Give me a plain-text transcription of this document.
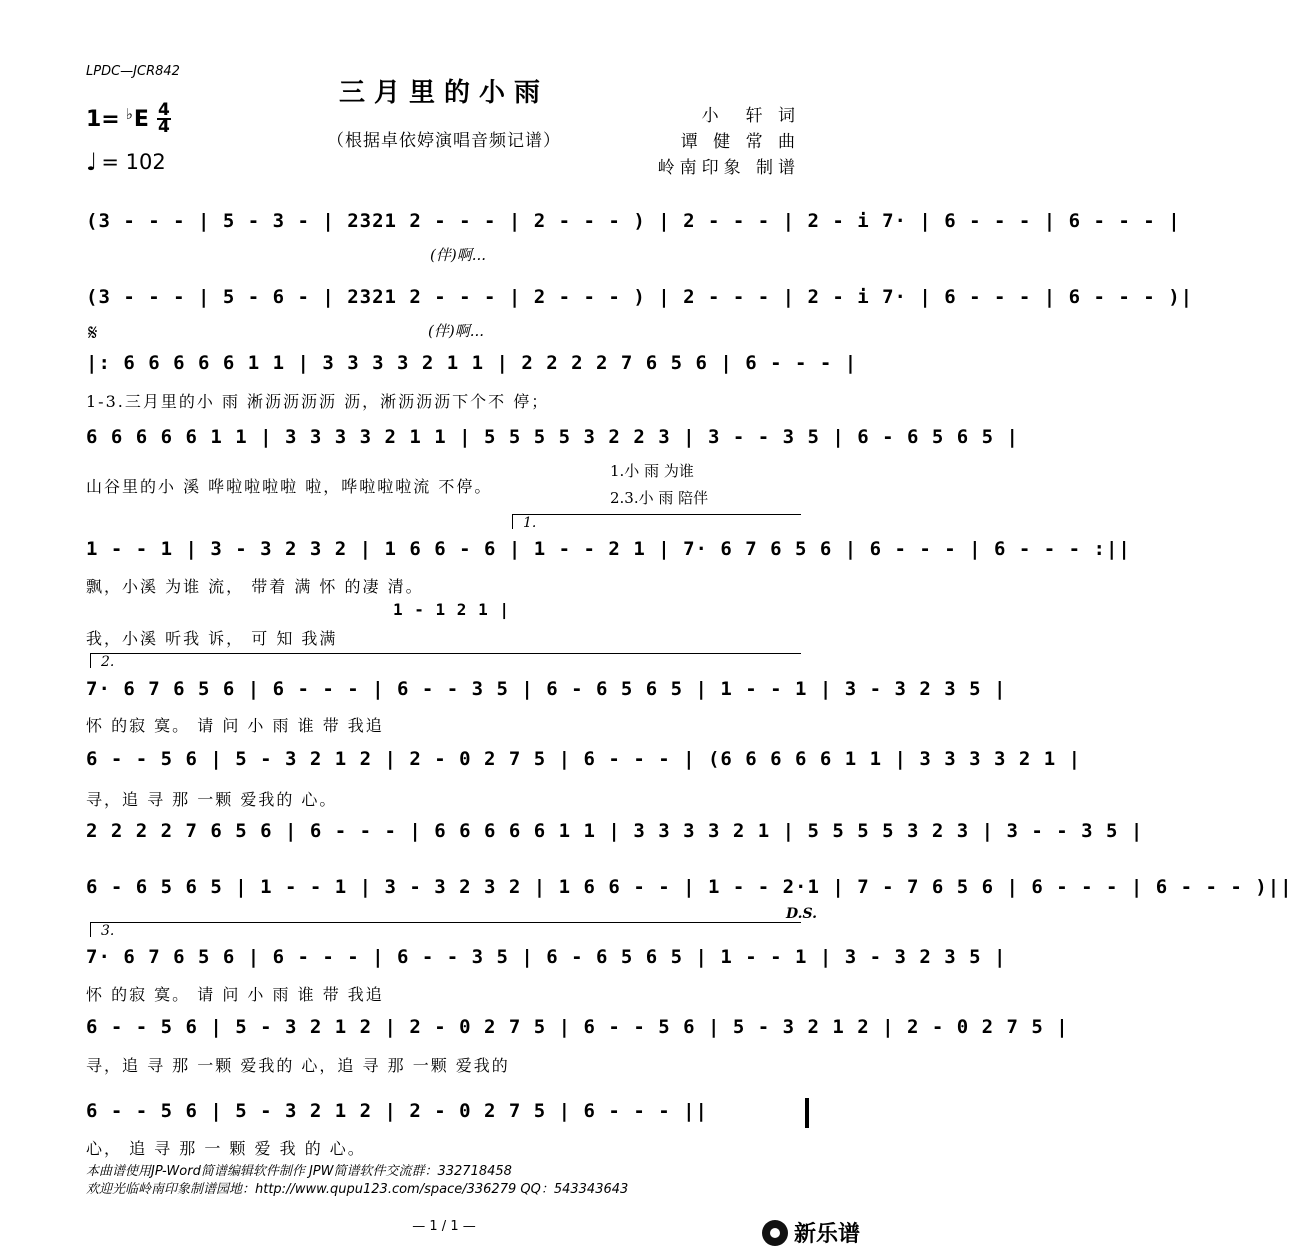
LPDC—JCR842
三月里的小雨
（根据卓依婷演唱音频记谱）
小　轩 词
谭 健 常 曲
岭南印象 制谱
1= ♭ E 4
4
♩ = 102
(3 - - - | 5 - 3 - | 2321 2 - - - | 2 - - - ) | 2 - - - | 2 - i 7· | 6 - - - | 6 - - - |
(伴)啊...
(3 - - - | 5 - 6 - | 2321 2 - - - | 2 - - - ) | 2 - - - | 2 - i 7· | 6 - - - | 6 - - - )|
(伴)啊...
𝄋
|: 6 6 6 6 6 1 1 | 3 3 3 3 2 1 1 | 2 2 2 2 7 6 5 6 | 6 - - - |
1-3.三月里的小 雨 淅沥沥沥沥 沥，淅沥沥沥下个不 停；
6 6 6 6 6 1 1 | 3 3 3 3 2 1 1 | 5 5 5 5 3 2 2 3 | 3 - - 3 5 | 6 - 6 5 6 5 |
山谷里的小 溪 哗啦啦啦啦 啦，哗啦啦啦流 不停。
1.小 雨 为谁
2.3.小 雨 陪伴
1.
1 - - 1 | 3 - 3 2 3 2 | 1 6 6 - 6 | 1 - - 2 1 | 7· 6 7 6 5 6 | 6 - - - | 6 - - - :||
飘，小溪 为谁 流， 带着 满 怀 的凄 清。
1 - 1 2 1 |
我，小溪 听我 诉， 可 知 我满
2.
7· 6 7 6 5 6 | 6 - - - | 6 - - 3 5 | 6 - 6 5 6 5 | 1 - - 1 | 3 - 3 2 3 5 |
怀 的寂 寞。 请 问 小 雨 谁 带 我追
6 - - 5 6 | 5 - 3 2 1 2 | 2 - 0 2 7 5 | 6 - - - | (6 6 6 6 6 1 1 | 3 3 3 3 2 1 |
寻，追 寻 那 一颗 爱我的 心。
2 2 2 2 7 6 5 6 | 6 - - - | 6 6 6 6 6 1 1 | 3 3 3 3 2 1 | 5 5 5 5 3 2 3 | 3 - - 3 5 |
6 - 6 5 6 5 | 1 - - 1 | 3 - 3 2 3 2 | 1 6 6 - - | 1 - - 2·1 | 7 - 7 6 5 6 | 6 - - - | 6 - - - )||
D.S.
3.
7· 6 7 6 5 6 | 6 - - - | 6 - - 3 5 | 6 - 6 5 6 5 | 1 - - 1 | 3 - 3 2 3 5 |
怀 的寂 寞。 请 问 小 雨 谁 带 我追
6 - - 5 6 | 5 - 3 2 1 2 | 2 - 0 2 7 5 | 6 - - 5 6 | 5 - 3 2 1 2 | 2 - 0 2 7 5 |
寻，追 寻 那 一颗 爱我的 心，追 寻 那 一颗 爱我的
6 - - 5 6 | 5 - 3 2 1 2 | 2 - 0 2 7 5 | 6 - - - ||
心， 追 寻 那 一 颗 爱 我 的 心。
本曲谱使用JP-Word简谱编辑软件制作 JPW简谱软件交流群：332718458
欢迎光临岭南印象制谱园地：http://www.qupu123.com/space/336279 QQ：543343643
— 1 / 1 —	新乐谱
